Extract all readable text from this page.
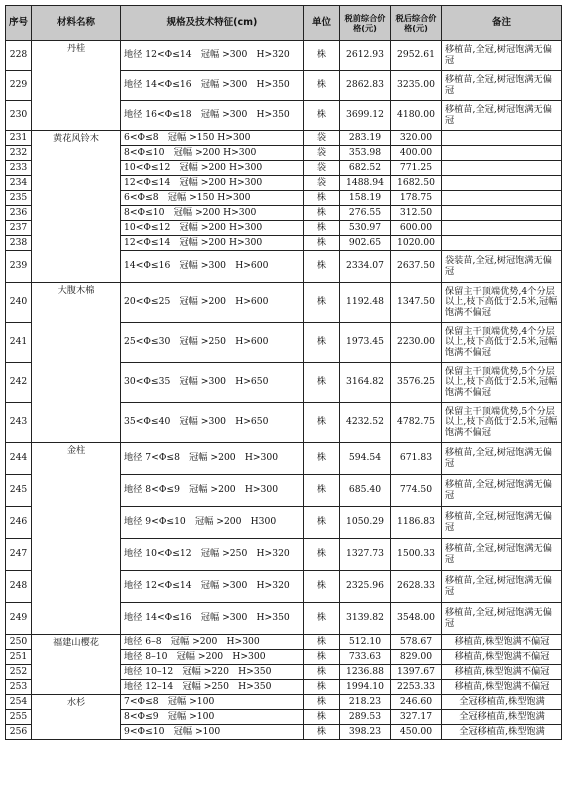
序号	材料名称	规格及技术特征(cm)	单位	税前综合价格(元)	税后综合价格(元)	备注
228	丹桂	地径 12<Φ≤14　冠幅 >300　H>320	株	2612.93	2952.61	移植苗,全冠,树冠饱满无偏冠
229		地径 14<Φ≤16　冠幅 >300　H>350	株	2862.83	3235.00	移植苗,全冠,树冠饱满无偏冠
230		地径 16<Φ≤18　冠幅 >300　H>350	株	3699.12	4180.00	移植苗,全冠,树冠饱满无偏冠
231	黄花风铃木	6<Φ≤8　冠幅 >150 H>300	袋	283.19	320.00	
232		8<Φ≤10　冠幅 >200 H>300	袋	353.98	400.00	
233		10<Φ≤12　冠幅 >200 H>300	袋	682.52	771.25	
234		12<Φ≤14　冠幅 >200 H>300	袋	1488.94	1682.50	
235		6<Φ≤8　冠幅 >150 H>300	株	158.19	178.75	
236		8<Φ≤10　冠幅 >200 H>300	株	276.55	312.50	
237		10<Φ≤12　冠幅 >200 H>300	株	530.97	600.00	
238		12<Φ≤14　冠幅 >200 H>300	株	902.65	1020.00	
239		14<Φ≤16　冠幅 >300　H>600	株	2334.07	2637.50	袋装苗,全冠,树冠饱满无偏冠
240	大腹木棉	20<Φ≤25　冠幅 >200　H>600	株	1192.48	1347.50	保留主干顶端优势,4个分层以上,枝下高低于2.5米,冠幅饱满不偏冠
241		25<Φ≤30　冠幅 >250　H>600	株	1973.45	2230.00	保留主干顶端优势,4个分层以上,枝下高低于2.5米,冠幅饱满不偏冠
242		30<Φ≤35　冠幅 >300　H>650	株	3164.82	3576.25	保留主干顶端优势,5个分层以上,枝下高低于2.5米,冠幅饱满不偏冠
243		35<Φ≤40　冠幅 >300　H>650	株	4232.52	4782.75	保留主干顶端优势,5个分层以上,枝下高低于2.5米,冠幅饱满不偏冠
244	金柱	地径 7<Φ≤8　冠幅 >200　H>300	株	594.54	671.83	移植苗,全冠,树冠饱满无偏冠
245		地径 8<Φ≤9　冠幅 >200　H>300	株	685.40	774.50	移植苗,全冠,树冠饱满无偏冠
246		地径 9<Φ≤10　冠幅 >200　H300	株	1050.29	1186.83	移植苗,全冠,树冠饱满无偏冠
247		地径 10<Φ≤12　冠幅 >250　H>320	株	1327.73	1500.33	移植苗,全冠,树冠饱满无偏冠
248		地径 12<Φ≤14　冠幅 >300　H>320	株	2325.96	2628.33	移植苗,全冠,树冠饱满无偏冠
249		地径 14<Φ≤16　冠幅 >300　H>350	株	3139.82	3548.00	移植苗,全冠,树冠饱满无偏冠
250	福建山樱花	地径 6–8　冠幅 >200　H>300	株	512.10	578.67	移植苗,株型饱满不偏冠
251		地径 8–10　冠幅 >200　H>300	株	733.63	829.00	移植苗,株型饱满不偏冠
252		地径 10–12　冠幅 >220　H>350	株	1236.88	1397.67	移植苗,株型饱满不偏冠
253		地径 12–14　冠幅 >250　H>350	株	1994.10	2253.33	移植苗,株型饱满不偏冠
254	水杉	7<Φ≤8　冠幅 >100	株	218.23	246.60	全冠移植苗,株型饱满
255		8<Φ≤9　冠幅 >100	株	289.53	327.17	全冠移植苗,株型饱满
256		9<Φ≤10　冠幅 >100	株	398.23	450.00	全冠移植苗,株型饱满
